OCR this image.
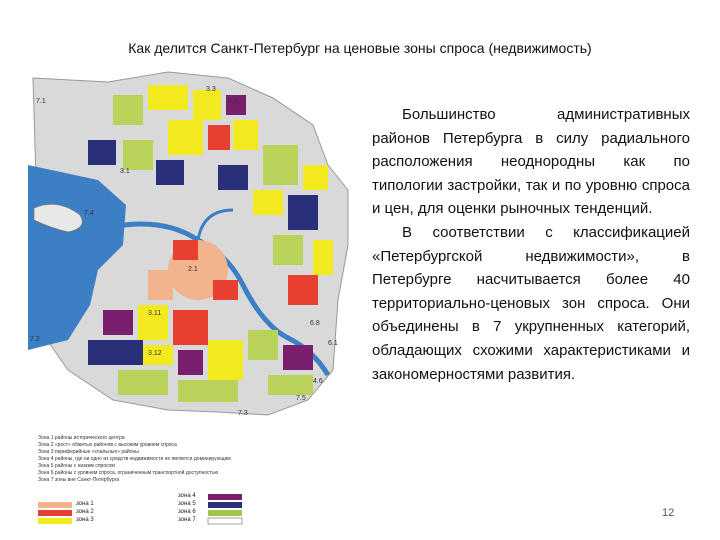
Как делится Санкт-Петербург на ценовые зоны спроса (недвижимость)
7.1
3.3
3.2
3.1
7.4
2.1
7.2
3.11
3.12
4.6
6.8
7.5
7.3
6.1
Зона 1 районы исторического центра
Зона 2 «рост» обжитых районов с высоким уровнем спроса
Зона 3 периферийные «спальные» районы
Зона 4 районы, где ни одно из средств недвижимости не является доминирующим
Зона 5 районы с низким спросом
Зона 6 районы с уровнем спроса, ограниченным транспортной доступностью
Зона 7 зоны вне Санкт-Петербурга
зона 1
зона 2
зона 3
зона 4
зона 5
зона 6
зона 7

Большинство административных районов Петербурга в силу радиального расположения неоднородны как по типологии застройки, так и по уровню спроса и цен, для оценки рыночных тенденций.

В соответствии с классификацией «Петербургской недвижимости», в Петербурге насчитывается более 40 территориально-ценовых зон спроса. Они объединены в 7 укрупненных категорий, обладающих схожими характеристиками и закономерностями развития.

12
